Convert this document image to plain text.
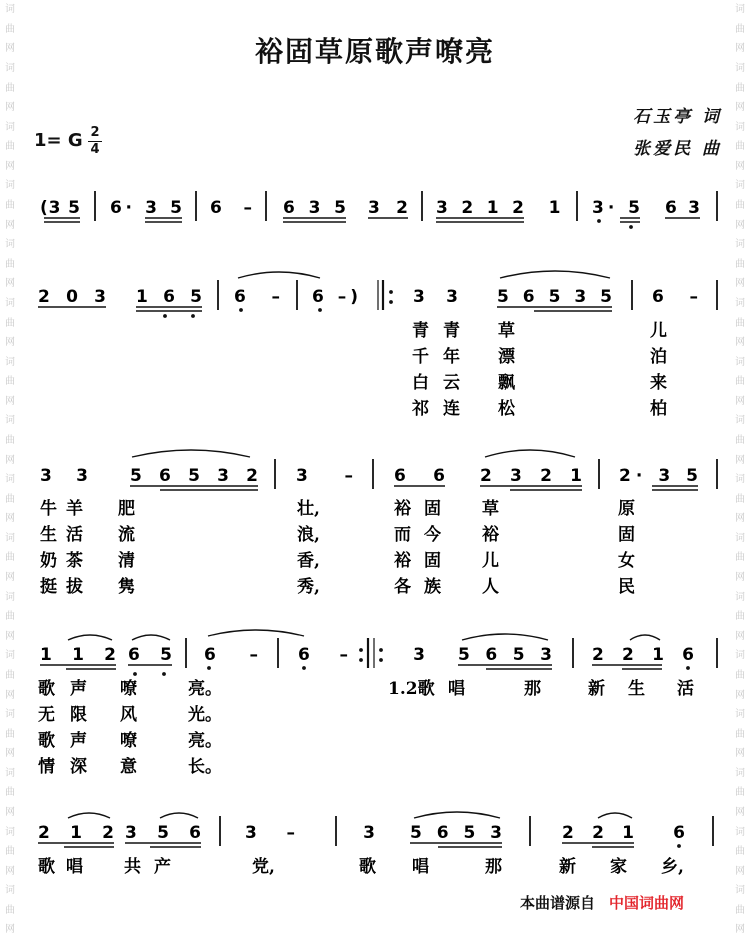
词
曲
网
词
曲
网
词
曲
网
词
曲
网
词
曲
网
词
曲
网
词
曲
网
词
曲
网
词
曲
网
词
曲
网
词
曲
网
词
曲
网
词
曲
网
词
曲
网
词
曲
网
词
曲
网
词
曲
网
词
曲
网
词
曲
网
词
曲
网
词
曲
网
词
曲
网
词
曲
网
词
曲
网
词
曲
网
词
曲
网
词
曲
网
词
曲
网
词
曲
网
词
曲
网
词
曲
网
词
曲
网
裕固草原歌声嘹亮
石玉亭 词
张爱民 曲
1= G 2
4
(3 5 6· 3 5 6 – 6 3 5 3 2 3 2 1 2 1 3· 5 6 3
2 0 3 1 6 5 6 – 6 –)	3 3 5 6 5 3 5 6 –
青 青 草	儿
千 年 漂	泊
白 云 飘	来
祁 连 松	柏
3 3 5 6 5 3 2 3 – 6 6 2 3 2 1 2· 3 5
牛 羊 肥	壮,	裕 固 草	原
生 活 流	浪,	而 今 裕	固
奶 茶 清	香,	裕 固 儿	女
挺 拔 隽	秀,	各 族 人	民
1 1 2 6 5 6 – 6 –	3 5 6 5 3 2 2 1 6
歌 声 嘹	亮。	1.2歌 唱	那	新 生 活
无 限 风	光。
歌 声 嘹	亮。
情 深 意	长。
2 1 2 3 5 6	3 –	3 5 6 5 3	2 2 1 6
歌 唱 共 产	党,	歌 唱	那	新 家 乡,
本曲谱源自 中国词曲网
